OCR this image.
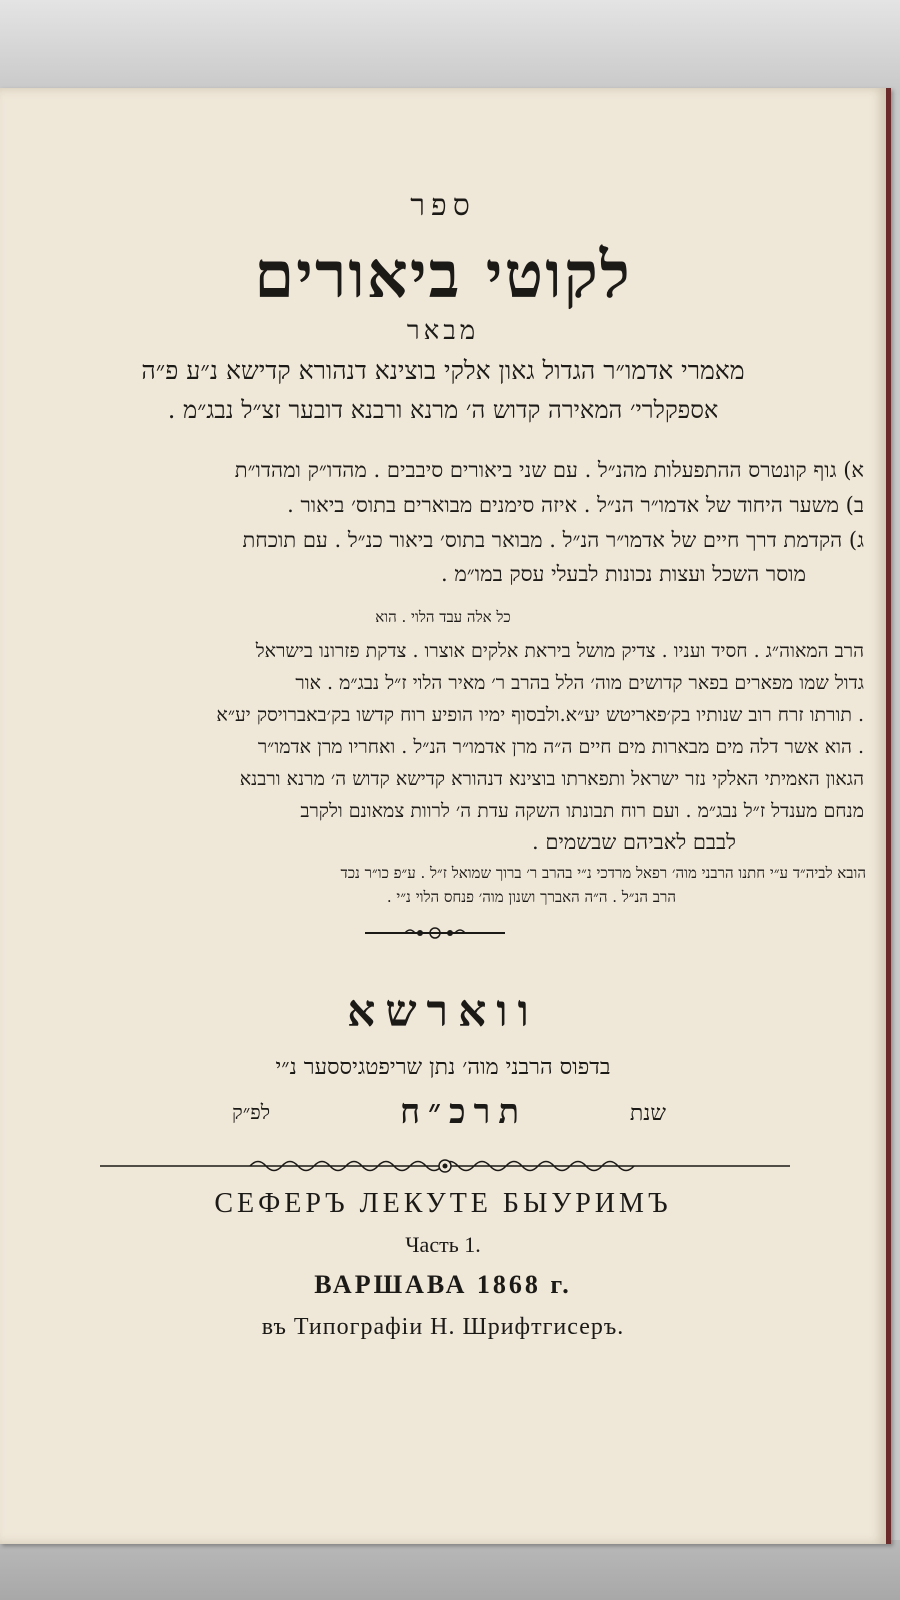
ספר
לקוטי ביאורים
מבאר
מאמרי אדמו״ר הגדול גאון אלקי בוצינא דנהורא קדישא נ״ע פ״ה
אספקלרי׳ המאירה קדוש ה׳ מרנא ורבנא דובער זצ״ל נבג״מ .
א) גוף קונטרס ההתפעלות מהנ״ל . עם שני ביאורים סיבבים . מהדו״ק ומהדו״ת
ב) משער היחוד של אדמו״ר הנ״ל . איזה סימנים מבוארים בתוס׳ ביאור .
ג) הקדמת דרך חיים של אדמו״ר הנ״ל . מבואר בתוס׳ ביאור כנ״ל . עם תוכחת
מוסר השכל ועצות נכונות לבעלי עסק במו״מ .
כל אלה עבד הלוי . הוא
הרב המאוה״ג . חסיד ועניו . צדיק מושל ביראת אלקים אוצרו . צדקת פזרונו בישראל
גדול שמו מפארים בפאר קדושים מוה׳ הלל בהרב ר׳ מאיר הלוי ז״ל נבג״מ . אור
. תורתו זרח רוב שנותיו בק׳פאריטש יע״א.ולבסוף ימיו הופיע רוח קדשו בק׳באברויסק יע״א
. הוא אשר דלה מים מבארות מים חיים ה״ה מרן אדמו״ר הנ״ל . ואחריו מרן אדמו״ר
הגאון האמיתי האלקי נזר ישראל ותפארתו בוצינא דנהורא קדישא קדוש ה׳ מרנא ורבנא
מנחם מענדל ז״ל נבג״מ . ועם רוח תבונתו השקה עדת ה׳ לרוות צמאונם ולקרב
לבבם לאביהם שבשמים .
הובא לביה״ד ע״י חתנו הרבני מוה׳ רפאל מרדכי נ״י בהרב ר׳ ברוך שמואל ז״ל . ע״פ כו״ר נכד
הרב הנ״ל . ה״ה האברך ושנון מוה׳ פנחס הלוי נ״י .
ווארשא
בדפוס הרבני מוה׳ נתן שריפטגיססער נ״י
שנת
תרכ״ח
לפ״ק
СЕФЕРЪ ЛЕКУТЕ БЫУРИМЪ
Часть 1.
ВАРШАВА 1868 г.
въ Типографіи Н. Шрифтгисеръ.
